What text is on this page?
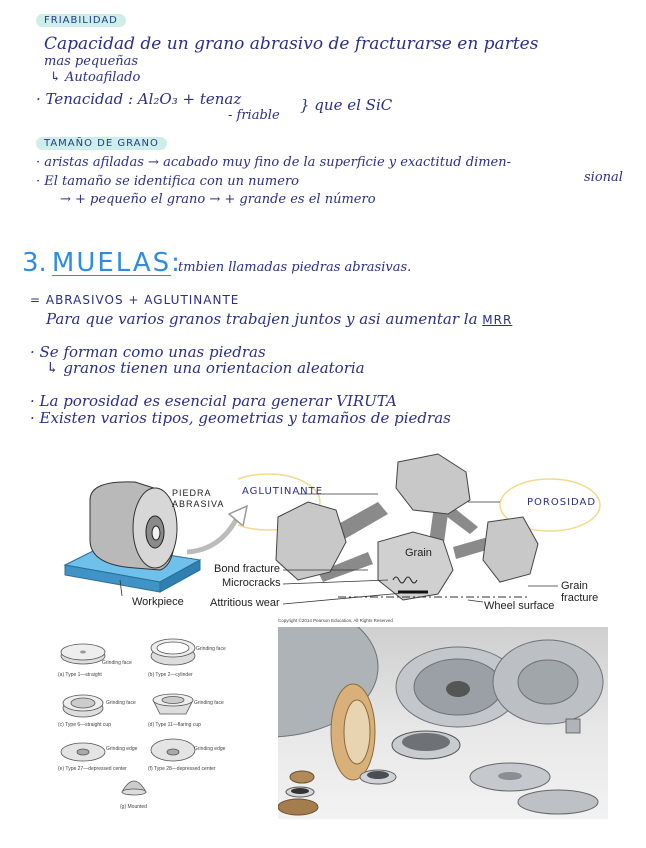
FRIABILIDAD
Capacidad de un grano abrasivo de fracturarse en partes
mas pequeñas
↳ Autoafilado
· Tenacidad : Al₂O₃ + tenaz
- friable
} que el SiC
TAMAÑO DE GRANO
· aristas afiladas → acabado muy fino de la superficie y exactitud dimen-
sional
· El tamaño se identifica con un numero
→ + pequeño el grano → + grande es el número
3. MUELAS:
tmbien llamadas piedras abrasivas.
= ABRASIVOS + AGLUTINANTE
Para que varios granos trabajen juntos y asi aumentar la MRR
· Se forman como unas piedras
↳ granos tienen una orientacion aleatoria
· La porosidad es esencial para generar VIRUTA
· Existen varios tipos, geometrias y tamaños de piedras
PIEDRA
ABRASIVA
Workpiece
AGLUTINANTE
POROSIDAD
Grain
Bond fracture
Microcracks
Attritious wear
Grain
fracture
Wheel surface
Grinding face
(a) Type 1—straight
Grinding face
(b) Type 2—cylinder
Grinding face
(c) Type 6—straight cup
Grinding face
(d) Type 11—flaring cup
Grinding edge
(e) Type 27—depressed center
Grinding edge
(f) Type 28—depressed center
(g) Mounted
Copyright ©2014 Pearson Education, All Rights Reserved
